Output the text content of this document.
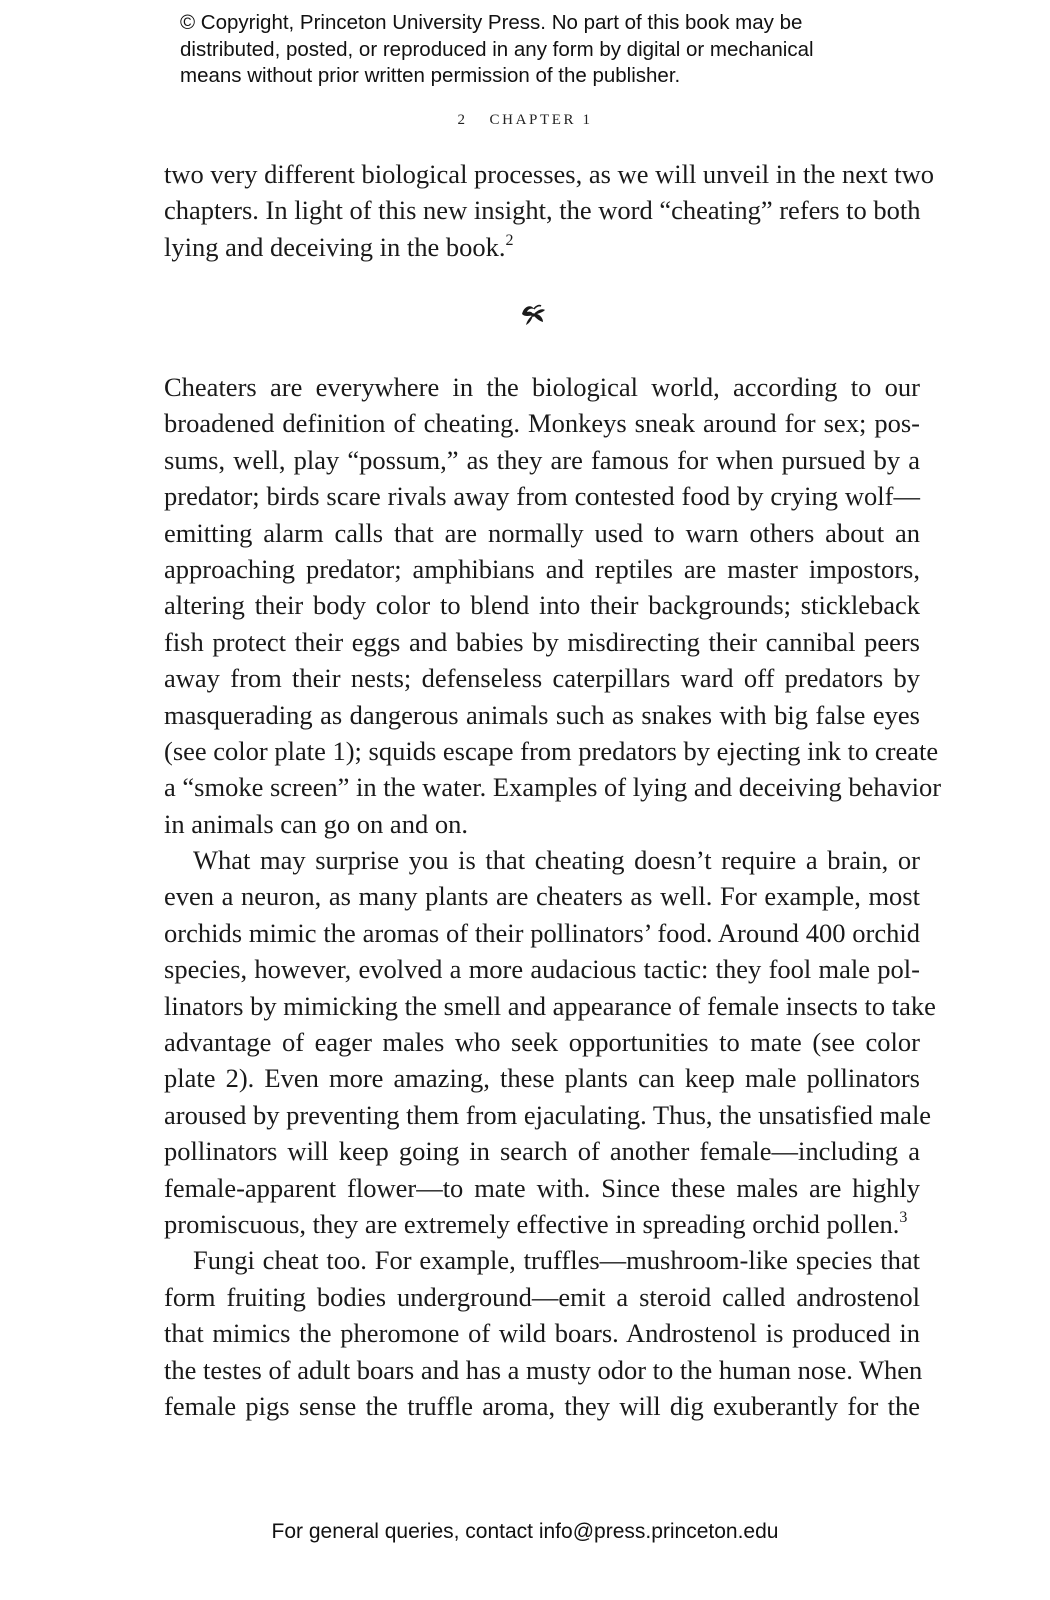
© Copyright, Princeton University Press. No part of this book may be
distributed, posted, or reproduced in any form by digital or mechanical
means without prior written permission of the publisher.
2 CHAPTER 1
two very different biological processes, as we will unveil in the next two
chapters. In light of this new insight, the word “cheating” refers to both
lying and deceiving in the book.$^2$
Cheaters are everywhere in the biological world, according to our
broadened definition of cheating. Monkeys sneak around for sex; pos-
sums, well, play “possum,” as they are famous for when pursued by a
predator; birds scare rivals away from contested food by crying wolf—
emitting alarm calls that are normally used to warn others about an
approaching predator; amphibians and reptiles are master impostors,
altering their body color to blend into their backgrounds; stickleback
fish protect their eggs and babies by misdirecting their cannibal peers
away from their nests; defenseless caterpillars ward off predators by
masquerading as dangerous animals such as snakes with big false eyes
(see color plate 1); squids escape from predators by ejecting ink to create
a “smoke screen” in the water. Examples of lying and deceiving behavior
in animals can go on and on.
What may surprise you is that cheating doesn’t require a brain, or
even a neuron, as many plants are cheaters as well. For example, most
orchids mimic the aromas of their pollinators’ food. Around 400 orchid
species, however, evolved a more audacious tactic: they fool male pol-
linators by mimicking the smell and appearance of female insects to take
advantage of eager males who seek opportunities to mate (see color
plate 2). Even more amazing, these plants can keep male pollinators
aroused by preventing them from ejaculating. Thus, the unsatisfied male
pollinators will keep going in search of another female—including a
female-apparent flower—to mate with. Since these males are highly
promiscuous, they are extremely effective in spreading orchid pollen.$^3$
Fungi cheat too. For example, truffles—mushroom-like species that
form fruiting bodies underground—emit a steroid called androstenol
that mimics the pheromone of wild boars. Androstenol is produced in
the testes of adult boars and has a musty odor to the human nose. When
female pigs sense the truffle aroma, they will dig exuberantly for the
For general queries, contact info@press.princeton.edu
